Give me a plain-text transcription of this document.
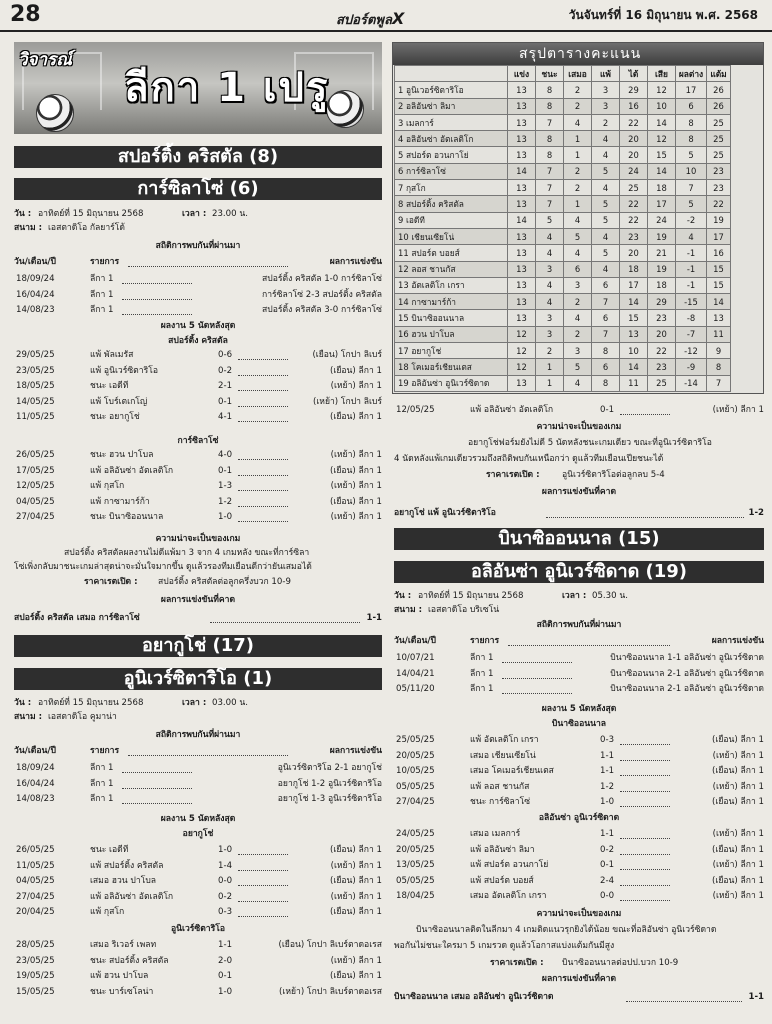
28	สปอร์ตพูลX	วันจันทร์ที่ 16 มิถุนายน พ.ศ. 2568
วิจารณ์
ลีกา 1 เปรู
สรุปตารางคะแนน
	แข่ง	ชนะ	เสมอ	แพ้	ได้	เสีย	ผลต่าง	แต้ม
1 อูนิเวอร์ซิตาริโอ	13	8	2	3	29	12	17	26
2 อลิอันซ่า ลิมา	13	8	2	3	16	10	6	26
3 เมลการ์	13	7	4	2	22	14	8	25
4 อลิอันซ่า อัตเลติโก	13	8	1	4	20	12	8	25
5 สปอร์ต อวนกาโย่	13	8	1	4	20	15	5	25
6 การ์ซิลาโซ่	14	7	2	5	24	14	10	23
7 กุสโก	13	7	2	4	25	18	7	23
8 สปอร์ติ้ง คริสตัล	13	7	1	5	22	17	5	22
9 เอดีที	14	5	4	5	22	24	-2	19
10 เชียนเซียโน่	13	4	5	4	23	19	4	17
11 สปอร์ต บอยส์	13	4	4	5	20	21	-1	16
12 ลอส ชานกัส	13	3	6	4	18	19	-1	15
13 อัตเลติโก เกรา	13	4	3	6	17	18	-1	15
14 กาซามาร์ก้า	13	4	2	7	14	29	-15	14
15 บินาซิออนนาล	13	3	4	6	15	23	-8	13
16 ฮวน ปาโบล	12	3	2	7	13	20	-7	11
17 อยากูโช่	12	2	3	8	10	22	-12	9
18 โคเมอร์เชียนเตส	12	1	5	6	14	23	-9	8
19 อลิอันซ่า อูนิเวร์ซิดาด	13	1	4	8	11	25	-14	7
สปอร์ติ้ง คริสตัล (8)
การ์ซิลาโซ่ (6)
วัน : อาทิตย์ที่ 15 มิถุนายน 2568	เวลา : 23.00 น.
สนาม : เอสตาดิโอ กัลยาร์โด้
สถิติการพบกันที่ผ่านมา
วัน/เดือน/ปี	รายการ	ผลการแข่งขัน
18/09/24	ลีกา 1	สปอร์ติ้ง คริสตัล 1-0 การ์ซิลาโซ่
16/04/24	ลีกา 1	การ์ซิลาโซ่ 2-3 สปอร์ติ้ง คริสตัล
14/08/23	ลีกา 1	สปอร์ติ้ง คริสตัล 3-0 การ์ซิลาโซ่
ผลงาน 5 นัดหลังสุด
สปอร์ติ้ง คริสตัล
29/05/25	แพ้ พัลเมรัส	0-6	(เยือน) โกปา ลิเบร์
23/05/25	แพ้ อูนิเวร์ซิตาริโอ	0-2	(เยือน) ลีกา 1
18/05/25	ชนะ เอดีที	2-1	(เหย้า) ลีกา 1
14/05/25	แพ้ โบร์เตเกโญ่	0-1	(เหย้า) โกปา ลิเบร์
11/05/25	ชนะ อยากูโช่	4-1	(เยือน) ลีกา 1
การ์ซิลาโซ่
26/05/25	ชนะ ฮวน ปาโบล	4-0	(เหย้า) ลีกา 1
17/05/25	แพ้ อลิอันซ่า อัตเลติโก	0-1	(เยือน) ลีกา 1
12/05/25	แพ้ กุสโก	1-3	(เหย้า) ลีกา 1
04/05/25	แพ้ กาซามาร์ก้า	1-2	(เยือน) ลีกา 1
27/04/25	ชนะ บินาซิออนนาล	1-0	(เหย้า) ลีกา 1
ความน่าจะเป็นของเกม
สปอร์ติ้ง คริสตัลผลงานไม่ดีแพ้มา 3 จาก 4 เกมหลัง ขณะที่การ์ซิลา
โซ่เพิ่งกลับมาชนะเกมล่าสุดน่าจะมั่นใจมากขึ้น ดูแล้วรองทีมเยือนดีกว่ายันเสมอได้
ราคาเรตเปิด : สปอร์ติ้ง คริสตัลต่อลูกครึ่งบวก 10-9
ผลการแข่งขันที่คาด
สปอร์ติ้ง คริสตัล เสมอ การ์ซิลาโซ่	1-1
อยากูโช่ (17)
อูนิเวร์ซิตาริโอ (1)
วัน : อาทิตย์ที่ 15 มิถุนายน 2568	เวลา : 03.00 น.
สนาม : เอสตาดิโอ คูมาน่า
สถิติการพบกันที่ผ่านมา
วัน/เดือน/ปี	รายการ	ผลการแข่งขัน
18/09/24	ลีกา 1	อูนิเวร์ซิตาริโอ 2-1 อยากูโช่
16/04/24	ลีกา 1	อยากูโช่ 1-2 อูนิเวร์ซิตาริโอ
14/08/23	ลีกา 1	อยากูโช่ 1-3 อูนิเวร์ซิตาริโอ
ผลงาน 5 นัดหลังสุด
อยากูโช่
26/05/25	ชนะ เอดีที	1-0	(เยือน) ลีกา 1
11/05/25	แพ้ สปอร์ติ้ง คริสตัล	1-4	(เหย้า) ลีกา 1
04/05/25	เสมอ ฮวน ปาโบล	0-0	(เยือน) ลีกา 1
27/04/25	แพ้ อลิอันซ่า อัตเลติโก	0-2	(เหย้า) ลีกา 1
20/04/25	แพ้ กุสโก	0-3	(เยือน) ลีกา 1
อูนิเวร์ซิตาริโอ
28/05/25	เสมอ ริเวอร์ เพลท	1-1	(เยือน) โกปา ลิเบร์ตาดอเรส
23/05/25	ชนะ สปอร์ติ้ง คริสตัล	2-0	(เหย้า) ลีกา 1
19/05/25	แพ้ ฮวน ปาโบล	0-1	(เยือน) ลีกา 1
15/05/25	ชนะ บาร์เซโลน่า	1-0	(เหย้า) โกปา ลิเบร์ตาดอเรส
12/05/25	แพ้ อลิอันซ่า อัตเลติโก	0-1	(เหย้า) ลีกา 1
ความน่าจะเป็นของเกม
อยากูโช่ฟอร์มยังไม่ดี 5 นัดหลังชนะเกมเดียว ขณะที่อูนิเวร์ซิตาริโอ
4 นัดหลังแพ้เกมเดียวรวมถึงสถิติพบกันเหนือกว่า ดูแล้วทีมเยือนเปียชนะได้
ราคาเรตเปิด :	อูนิเวร์ซิตาริโอต่อลูกลบ 5-4
ผลการแข่งขันที่คาด
อยากูโช่ แพ้ อูนิเวร์ซิตาริโอ	1-2
บินาซิออนนาล (15)
อลิอันซ่า อูนิเวร์ซิดาด (19)
วัน : อาทิตย์ที่ 15 มิถุนายน 2568	เวลา : 05.30 น.
สนาม : เอสตาดิโอ บริเซโน่
สถิติการพบกันที่ผ่านมา
วัน/เดือน/ปี	รายการ	ผลการแข่งขัน
10/07/21	ลีกา 1	บินาซิออนนาล 1-1 อลิอันซ่า อูนิเวร์ซิดาด
14/04/21	ลีกา 1	บินาซิออนนาล 2-1 อลิอันซ่า อูนิเวร์ซิดาด
05/11/20	ลีกา 1	บินาซิออนนาล 2-1 อลิอันซ่า อูนิเวร์ซิดาด
ผลงาน 5 นัดหลังสุด
บินาซิออนนาล
25/05/25	แพ้ อัตเลติโก เกรา	0-3	(เยือน) ลีกา 1
20/05/25	เสมอ เชียนเซียโน่	1-1	(เหย้า) ลีกา 1
10/05/25	เสมอ โคเมอร์เชียนเตส	1-1	(เยือน) ลีกา 1
05/05/25	แพ้ ลอส ชานกัส	1-2	(เหย้า) ลีกา 1
27/04/25	ชนะ การ์ซิลาโซ่	1-0	(เยือน) ลีกา 1
อลิอันซ่า อูนิเวร์ซิดาด
24/05/25	เสมอ เมลการ์	1-1	(เหย้า) ลีกา 1
20/05/25	แพ้ อลิอันซ่า ลิมา	0-2	(เยือน) ลีกา 1
13/05/25	แพ้ สปอร์ต อวนกาโย่	0-1	(เหย้า) ลีกา 1
05/05/25	แพ้ สปอร์ต บอยส์	2-4	(เยือน) ลีกา 1
18/04/25	เสมอ อัตเลติโก เกรา	0-0	(เหย้า) ลีกา 1
ความน่าจะเป็นของเกม
บินาซิออนนาลติดในลีกมา 4 เกมติดแนวรุกยิงได้น้อย ขณะที่อลิอันซ่า อูนิเวร์ซิดาด
พอกันไม่ชนะใครมา 5 เกมรวด ดูแล้วโอกาสแบ่งแต้มกันมีสูง
ราคาเรตเปิด : บินาซิออนนาลต่อปป.บวก 10-9
ผลการแข่งขันที่คาด
บินาซิออนนาล เสมอ อลิอันซ่า อูนิเวร์ซิดาด	1-1
